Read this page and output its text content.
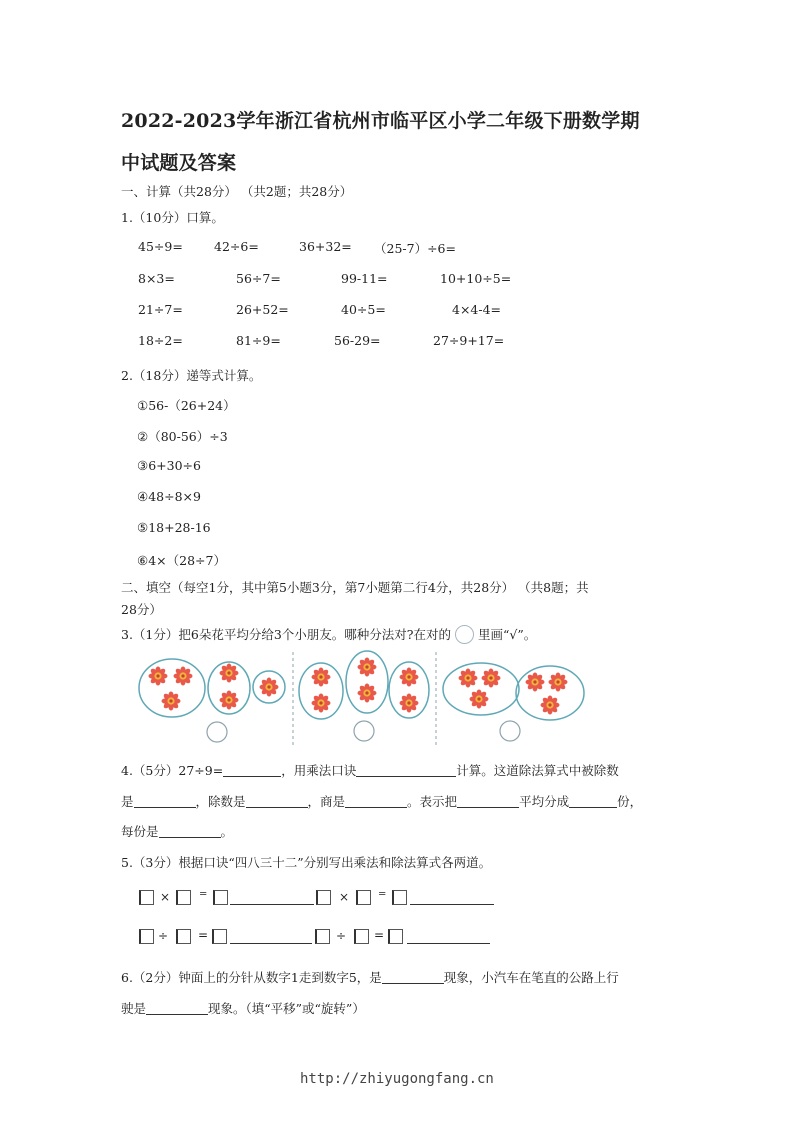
2022-2023学年浙江省杭州市临平区小学二年级下册数学期
中试题及答案
一、计算（共28分） （共2题；共28分）
1.（10分）口算。
45÷9= 42÷6=	36+32= （25-7）÷6=
8×3=	56÷7=	99-11=	10+10÷5=
21÷7=	26+52=	40÷5=	4×4-4=
18÷2=	81÷9=	56-29=	27÷9+17=
2.（18分）递等式计算。
①56-（26+24）
②（80-56）÷3
③6+30÷6
④48÷8×9
⑤18+28-16
⑥4×（28÷7）
二、填空（每空1分，其中第5小题3分，第7小题第二行4分，共28分） （共8题；共
28分）
3.（1分）把6朵花平均分给3个小朋友。哪种分法对?在对的 里画“√”。
4.（5分）27÷9=	，用乘法口诀	计算。这道除法算式中被除数
是	，除数是	，商是	。表示把	平均分成	份，
每份是	。
5.（3分）根据口诀“四八三十二”分别写出乘法和除法算式各两道。
×	=	×	=
÷ =	÷ =
6.（2分）钟面上的分针从数字1走到数字5，是	现象，小汽车在笔直的公路上行
驶是	现象。（填“平移”或“旋转”）
http://zhiyugongfang.cn
